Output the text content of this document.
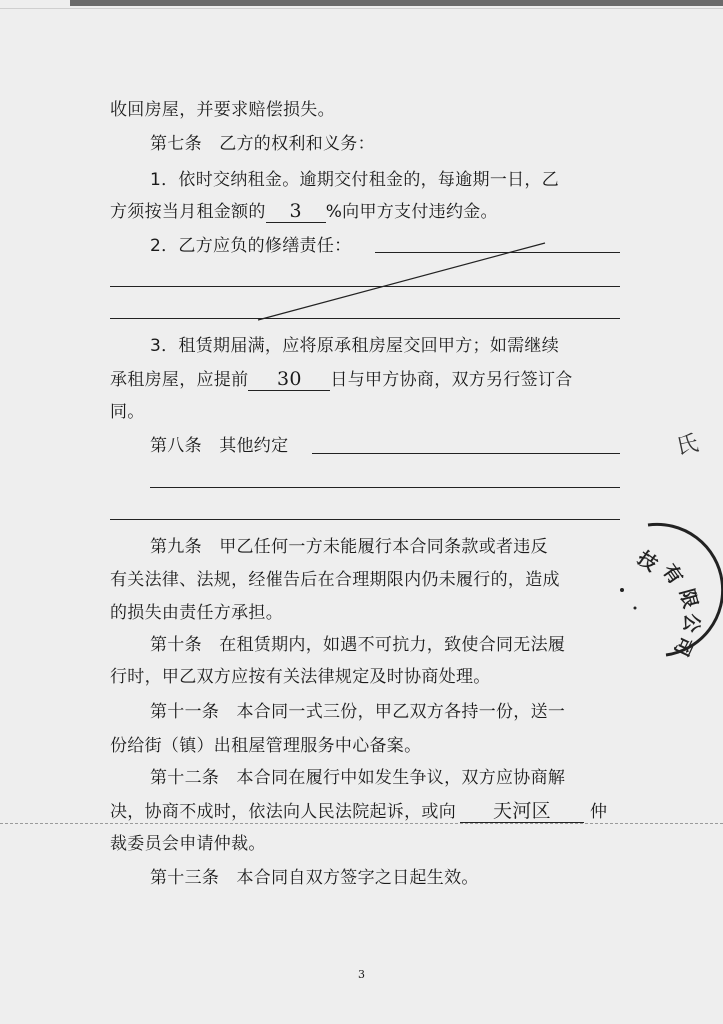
收回房屋，并要求赔偿损失。
第七条　乙方的权利和义务：
1．依时交纳租金。逾期交付租金的，每逾期一日，乙
方须按当月租金额的 3 %向甲方支付违约金。
2．乙方应负的修缮责任：
3．租赁期届满，应将原承租房屋交回甲方；如需继续
承租房屋，应提前 30 日与甲方协商，双方另行签订合
同。
第八条　其他约定
第九条　甲乙任何一方未能履行本合同条款或者违反
有关法律、法规，经催告后在合理期限内仍未履行的，造成
的损失由责任方承担。
第十条　在租赁期内，如遇不可抗力，致使合同无法履
行时，甲乙双方应按有关法律规定及时协商处理。
第十一条　本合同一式三份，甲乙双方各持一份，送一
份给街（镇）出租屋管理服务中心备案。
第十二条　本合同在履行中如发生争议，双方应协商解
决，协商不成时，依法向人民法院起诉，或向 天河区 仲
裁委员会申请仲裁。
第十三条　本合同自双方签字之日起生效。
氏
技
有
限
公
司
3
